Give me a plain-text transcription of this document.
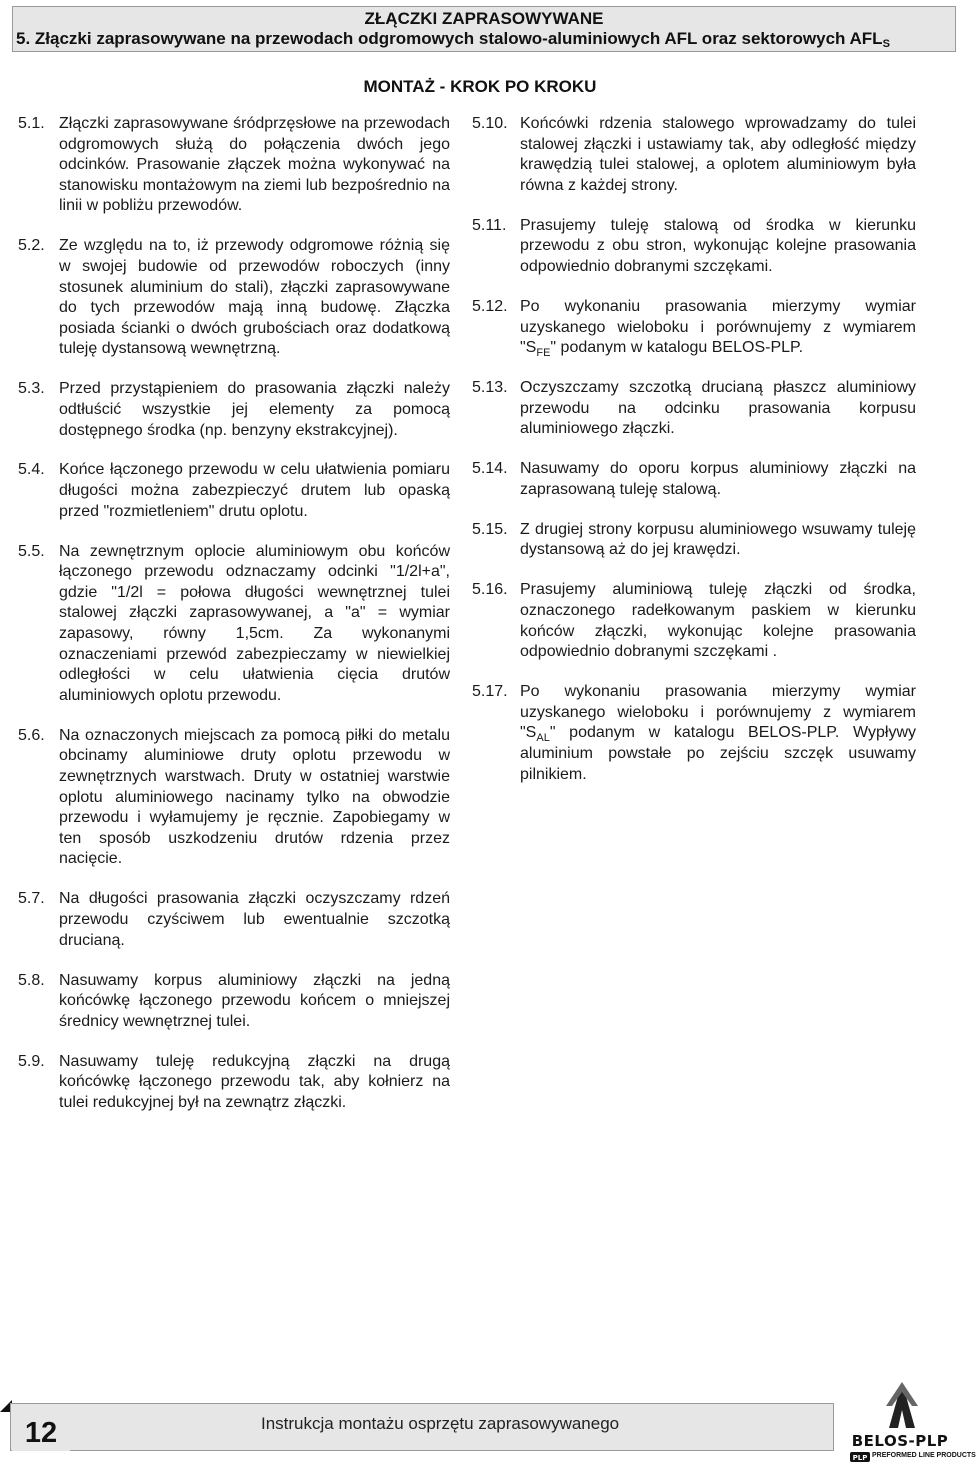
ZŁĄCZKI ZAPRASOWYWANE
5. Złączki zaprasowywane na przewodach odgromowych stalowo-aluminiowych AFL oraz sektorowych $AFL_S$
MONTAŻ - KROK PO KROKU
5.1. Złączki zaprasowywane śródprzęsłowe na przewodach odgromowych służą do połączenia dwóch jego odcinków. Prasowanie złączek można wykonywać na stanowisku montażowym na ziemi lub bezpośrednio na linii w pobliżu przewodów.
5.2. Ze względu na to, iż przewody odgromowe różnią się w swojej budowie od przewodów roboczych (inny stosunek aluminium do stali), złączki zaprasowywane do tych przewodów mają inną budowę. Złączka posiada ścianki o dwóch grubościach oraz dodatkową tuleję dystansową wewnętrzną.
5.3. Przed przystąpieniem do prasowania złączki należy odtłuścić wszystkie jej elementy za pomocą dostępnego środka (np. benzyny ekstrakcyjnej).
5.4. Końce łączonego przewodu w celu ułatwienia pomiaru długości można zabezpieczyć drutem lub opaską przed "rozmietleniem" drutu oplotu.
5.5. Na zewnętrznym oplocie aluminiowym obu końców łączonego przewodu odznaczamy odcinki "1/2l+a", gdzie "1/2l = połowa długości wewnętrznej tulei stalowej złączki zaprasowywanej, a "a" = wymiar zapasowy, równy 1,5cm. Za wykonanymi oznaczeniami przewód zabezpieczamy w niewielkiej odległości w celu ułatwienia cięcia drutów aluminiowych oplotu przewodu.
5.6. Na oznaczonych miejscach za pomocą piłki do metalu obcinamy aluminiowe druty oplotu przewodu w zewnętrznych warstwach. Druty w ostatniej warstwie oplotu aluminiowego nacinamy tylko na obwodzie przewodu i wyłamujemy je ręcznie. Zapobiegamy w ten sposób uszkodzeniu drutów rdzenia przez nacięcie.
5.7. Na długości prasowania złączki oczyszczamy rdzeń przewodu czyściwem lub ewentualnie szczotką drucianą.
5.8. Nasuwamy korpus aluminiowy złączki na jedną końcówkę łączonego przewodu końcem o mniejszej średnicy wewnętrznej tulei.
5.9. Nasuwamy tuleję redukcyjną złączki na drugą końcówkę łączonego przewodu tak, aby kołnierz na tulei redukcyjnej był na zewnątrz złączki.
5.10. Końcówki rdzenia stalowego wprowadzamy do tulei stalowej złączki i ustawiamy tak, aby odległość między krawędzią tulei stalowej, a oplotem aluminiowym była równa z każdej strony.
5.11. Prasujemy tuleję stalową od środka w kierunku przewodu z obu stron, wykonując kolejne prasowania odpowiednio dobranymi szczękami.
5.12. Po wykonaniu prasowania mierzymy wymiar uzyskanego wieloboku i porównujemy z wymiarem "$S_{FE}$" podanym w katalogu BELOS-PLP.
5.13. Oczyszczamy szczotką drucianą płaszcz aluminiowy przewodu na odcinku prasowania korpusu aluminiowego złączki.
5.14. Nasuwamy do oporu korpus aluminiowy złączki na zaprasowaną tuleję stalową.
5.15. Z drugiej strony korpusu aluminiowego wsuwamy tuleję dystansową aż do jej krawędzi.
5.16. Prasujemy aluminiową tuleję złączki od środka, oznaczonego radełkowanym paskiem w kierunku końców złączki, wykonując kolejne prasowania odpowiednio dobranymi szczękami .
5.17. Po wykonaniu prasowania mierzymy wymiar uzyskanego wieloboku i porównujemy z wymiarem "$S_{AL}$" podanym w katalogu BELOS-PLP. Wypływy aluminium powstałe po zejściu szczęk usuwamy pilnikiem.
12	Instrukcja montażu osprzętu zaprasowywanego
BELOS-PLP
PLP PREFORMED LINE PRODUCTS
